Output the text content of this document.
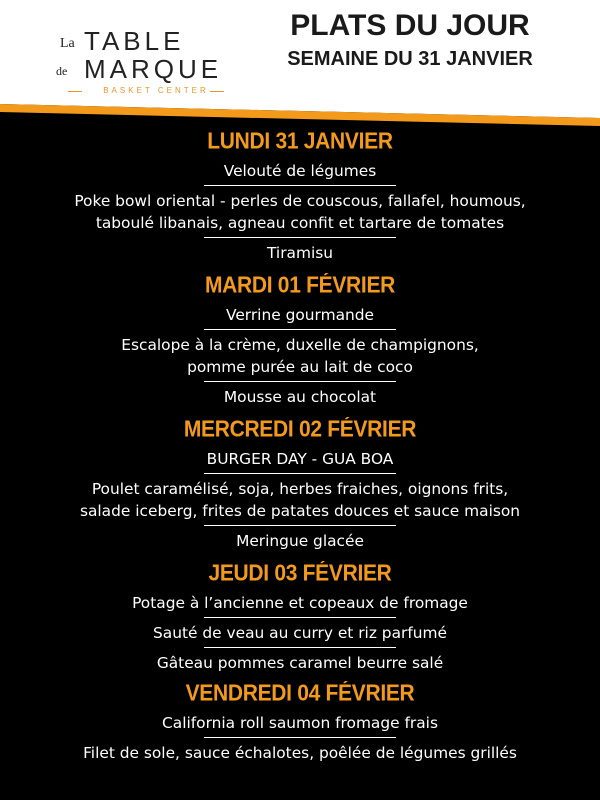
La TABLE
de MARQUE
BASKET CENTER
PLATS DU JOUR
SEMAINE DU 31 JANVIER
LUNDI 31 JANVIER
Velouté de légumes
Poke bowl oriental - perles de couscous, fallafel, houmous,
taboulé libanais, agneau confit et tartare de tomates
Tiramisu
MARDI 01 FÉVRIER
Verrine gourmande
Escalope à la crème, duxelle de champignons,
pomme purée au lait de coco
Mousse au chocolat
MERCREDI 02 FÉVRIER
BURGER DAY - GUA BOA
Poulet caramélisé, soja, herbes fraiches, oignons frits,
salade iceberg, frites de patates douces et sauce maison
Meringue glacée
JEUDI 03 FÉVRIER
Potage à l’ancienne et copeaux de fromage
Sauté de veau au curry et riz parfumé
Gâteau pommes caramel beurre salé
VENDREDI 04 FÉVRIER
California roll saumon fromage frais
Filet de sole, sauce échalotes, poêlée de légumes grillés
